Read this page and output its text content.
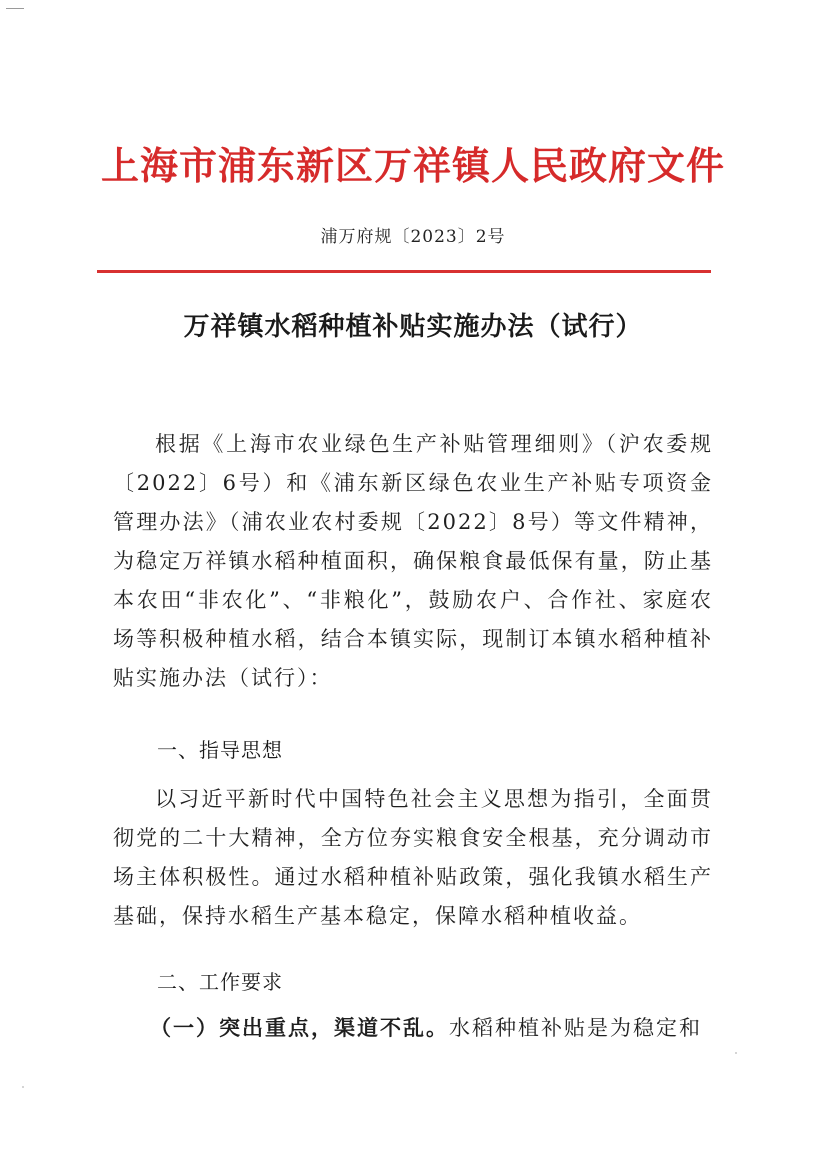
上海市浦东新区万祥镇人民政府文件
浦万府规〔2023〕2号
万祥镇水稻种植补贴实施办法（试行）

根据《上海市农业绿色生产补贴管理细则》（沪农委规〔2022〕6号）和《浦东新区绿色农业生产补贴专项资金管理办法》（浦农业农村委规〔2022〕8号）等文件精神，为稳定万祥镇水稻种植面积，确保粮食最低保有量，防止基本农田“非农化”、“非粮化”，鼓励农户、合作社、家庭农场等积极种植水稻，结合本镇实际，现制订本镇水稻种植补贴实施办法（试行）：

一、指导思想

以习近平新时代中国特色社会主义思想为指引，全面贯彻党的二十大精神，全方位夯实粮食安全根基，充分调动市场主体积极性。通过水稻种植补贴政策，强化我镇水稻生产基础，保持水稻生产基本稳定，保障水稻种植收益。

二、工作要求
（一）突出重点，渠道不乱。水稻种植补贴是为稳定和
